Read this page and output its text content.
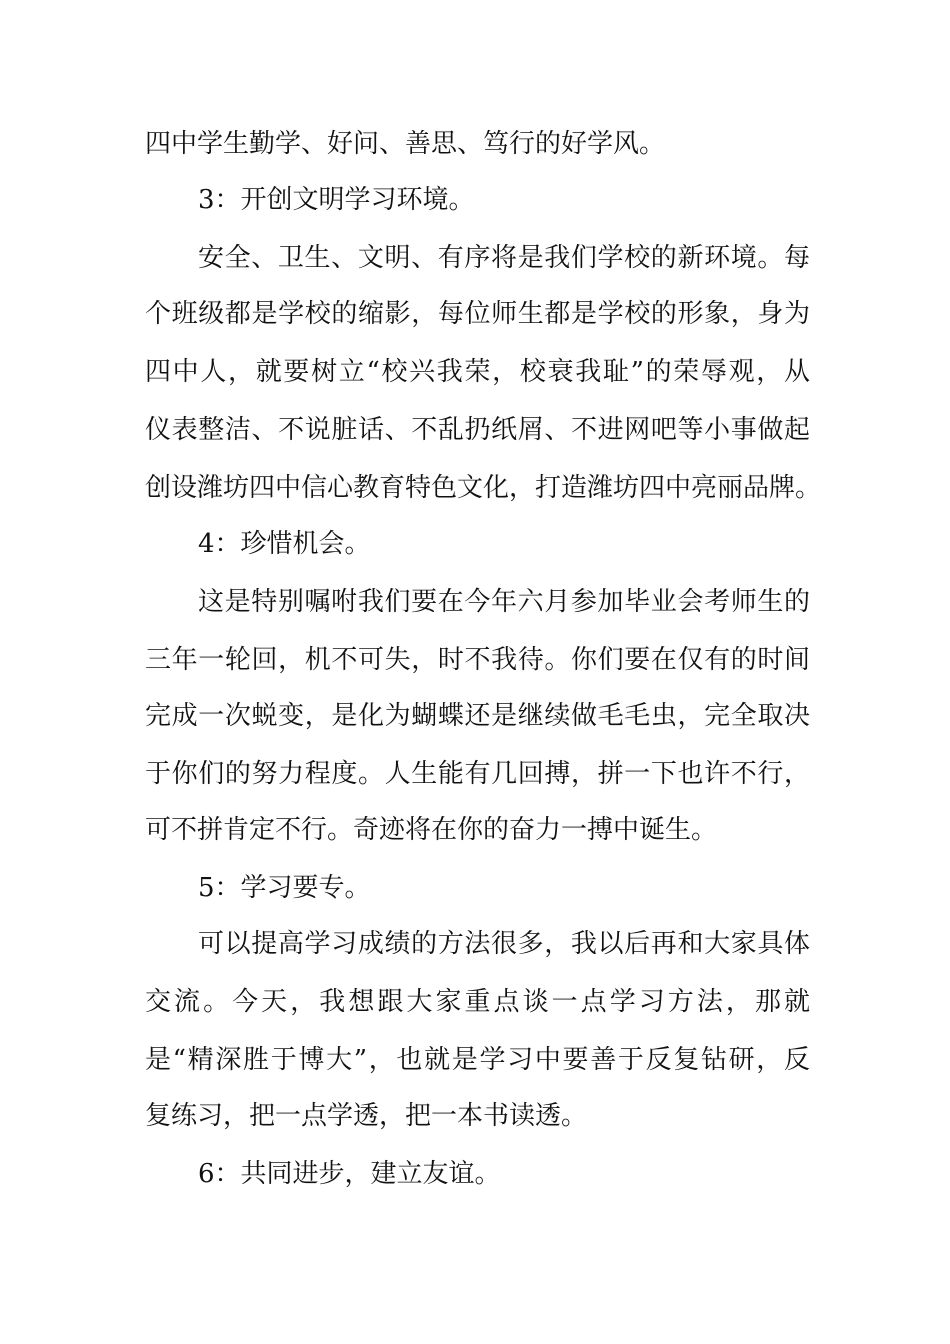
四中学生勤学、好问、善思、笃行的好学风。
3：开创文明学习环境。
安全、卫生、文明、有序将是我们学校的新环境。每
个班级都是学校的缩影，每位师生都是学校的形象，身为
四中人，就要树立“校兴我荣，校衰我耻”的荣辱观，从
仪表整洁、不说脏话、不乱扔纸屑、不进网吧等小事做起
创设潍坊四中信心教育特色文化，打造潍坊四中亮丽品牌。
4：珍惜机会。
这是特别嘱咐我们要在今年六月参加毕业会考师生的
三年一轮回，机不可失，时不我待。你们要在仅有的时间
完成一次蜕变，是化为蝴蝶还是继续做毛毛虫，完全取决
于你们的努力程度。人生能有几回搏，拼一下也许不行，
可不拼肯定不行。奇迹将在你的奋力一搏中诞生。
5：学习要专。
可以提高学习成绩的方法很多，我以后再和大家具体
交流。今天，我想跟大家重点谈一点学习方法，那就
是“精深胜于博大”，也就是学习中要善于反复钻研，反
复练习，把一点学透，把一本书读透。
6：共同进步，建立友谊。
